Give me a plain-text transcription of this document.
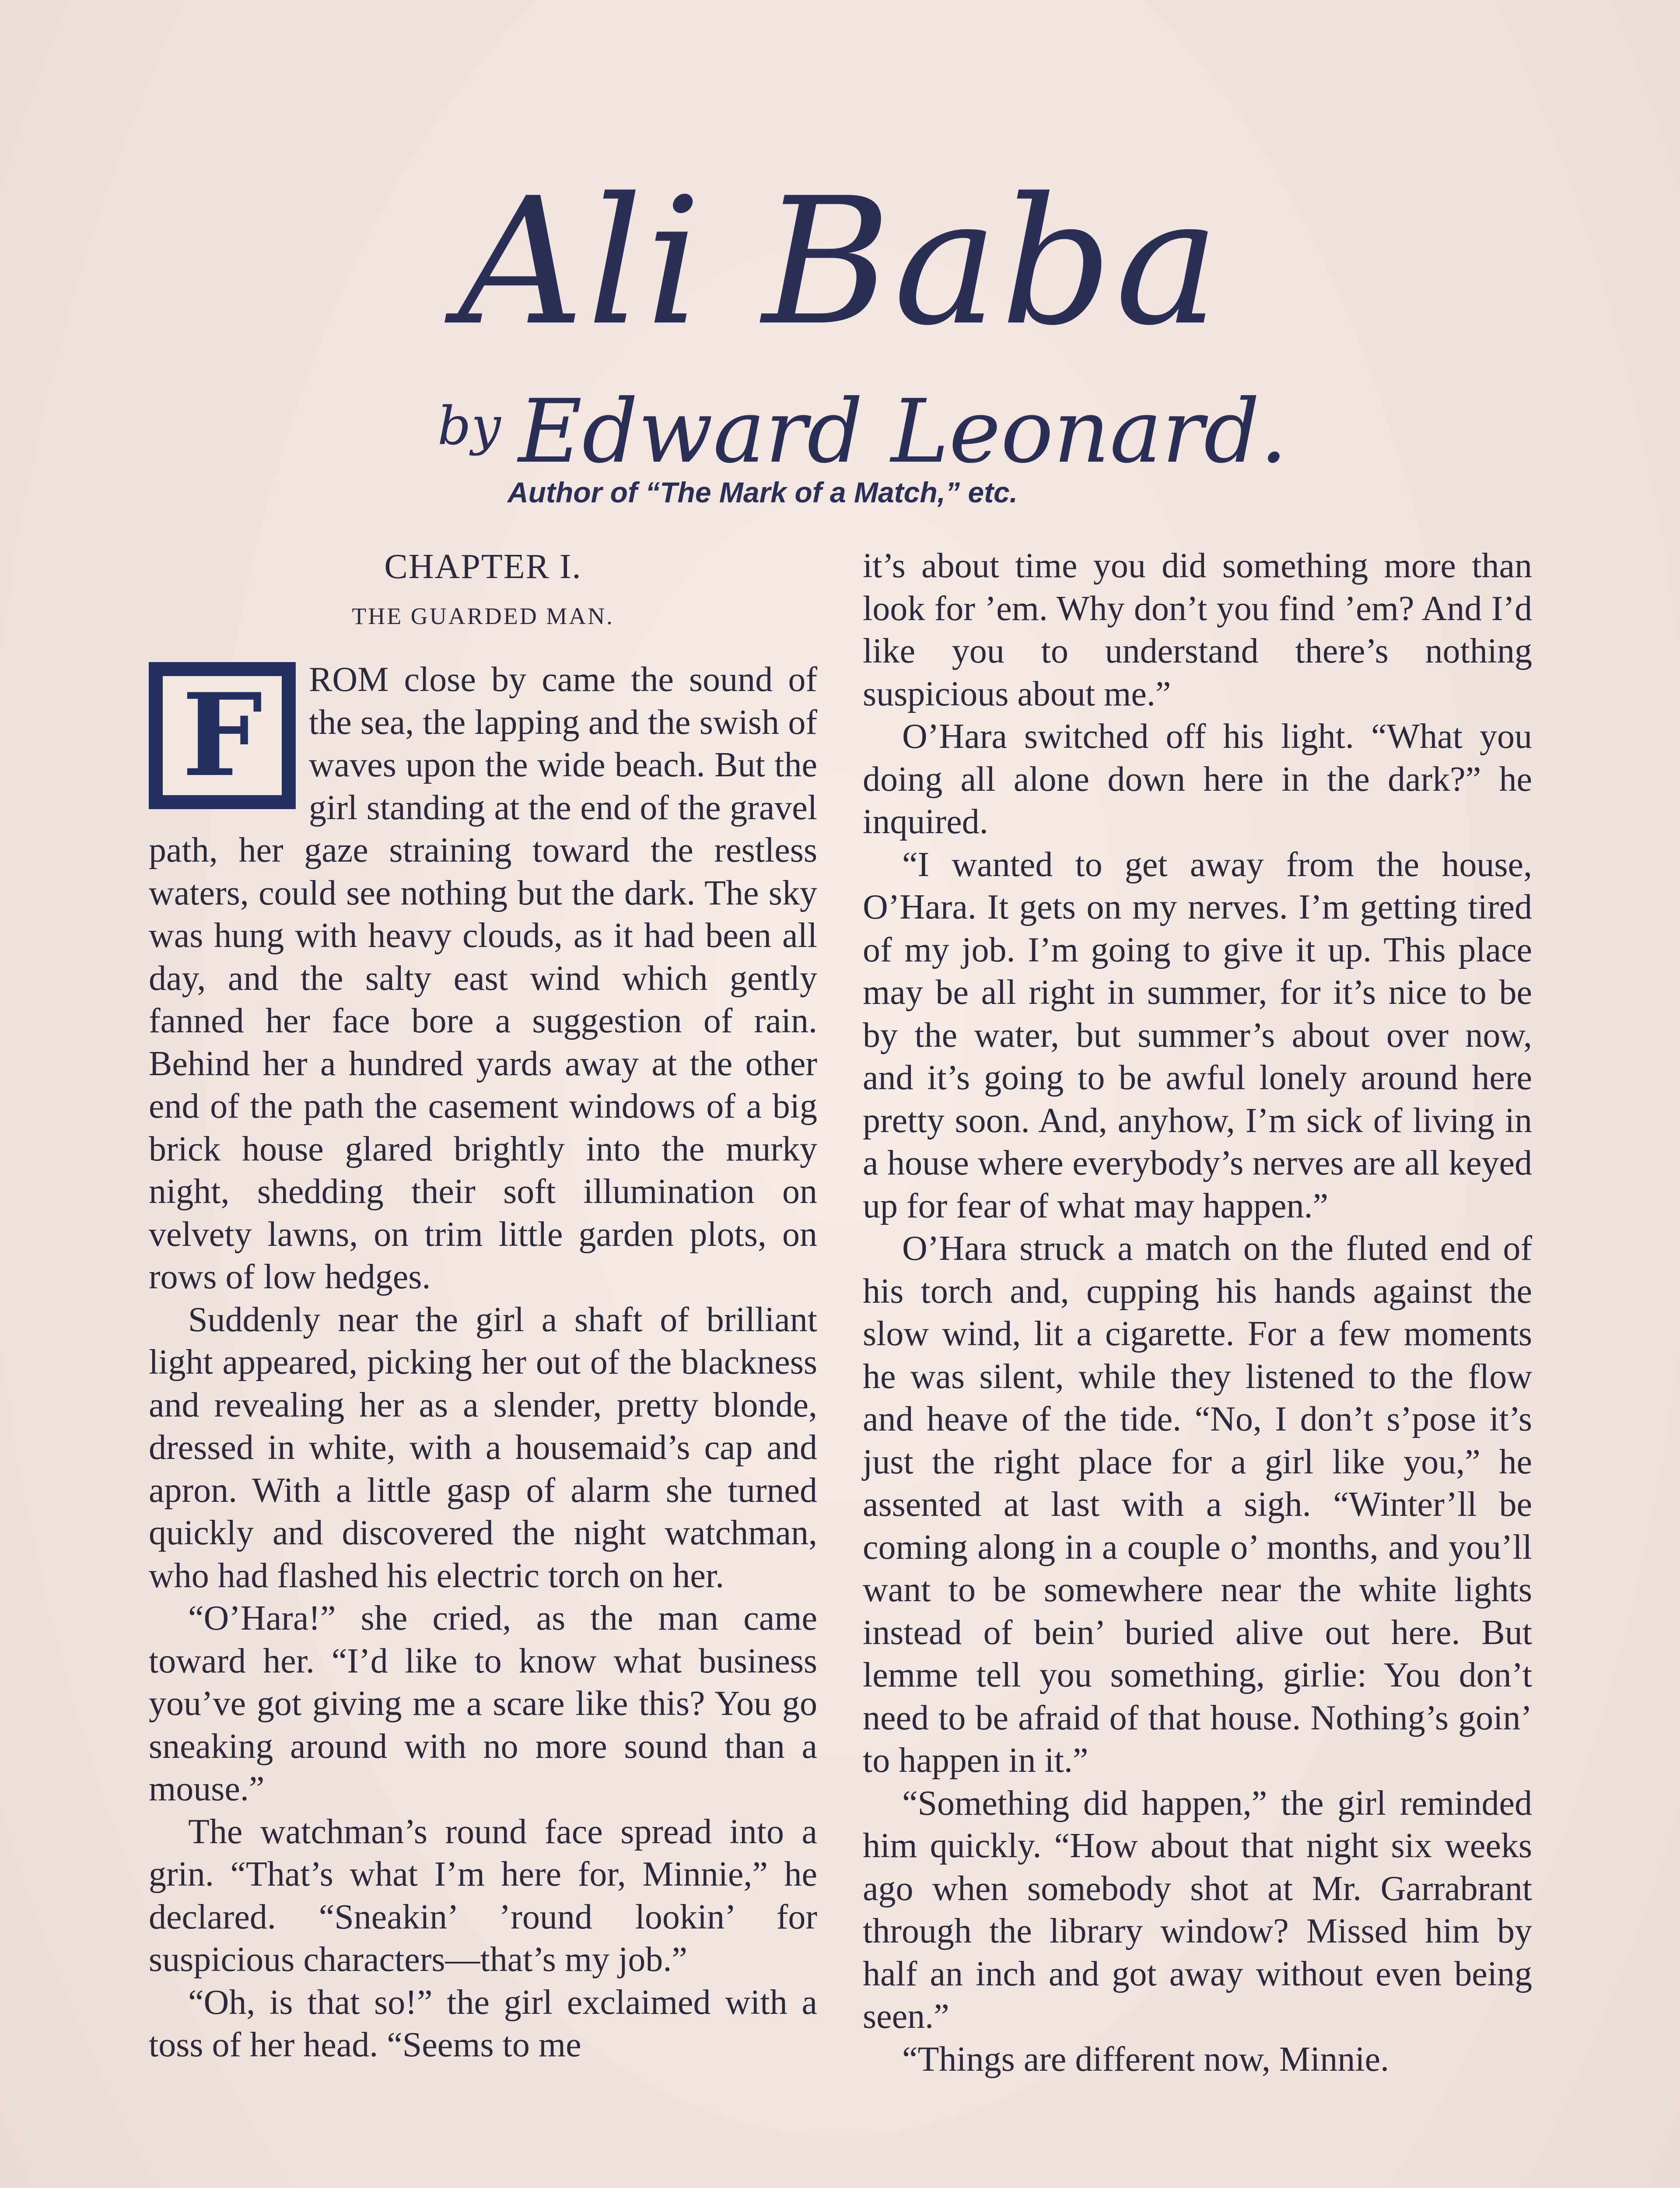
Ali Baba
$^{by}$ Edward Leonard.
Author of “The Mark of a Match,” etc.
CHAPTER I.
THE GUARDED MAN.
F	ROM close by came the sound of the sea, the lapping and the swish of waves upon the wide beach. But the girl standing at the end of the gravel path, her gaze straining toward the restless waters, could see nothing but the dark. The sky was hung with heavy clouds, as it had been all day, and the salty east wind which gently fanned her face bore a suggestion of rain. Behind her a hundred yards away at the other end of the path the casement windows of a big brick house glared brightly into the murky night, shedding their soft illumination on velvety lawns, on trim little garden plots, on rows of low hedges.

Suddenly near the girl a shaft of brilliant light appeared, picking her out of the blackness and revealing her as a slender, pretty blonde, dressed in white, with a housemaid’s cap and apron. With a little gasp of alarm she turned quickly and discovered the night watchman, who had flashed his electric torch on her.

“O’Hara!” she cried, as the man came toward her. “I’d like to know what business you’ve got giving me a scare like this? You go sneaking around with no more sound than a mouse.”

The watchman’s round face spread into a grin. “That’s what I’m here for, Minnie,” he declared. “Sneakin’ ’round lookin’ for suspicious characters—that’s my job.”

“Oh, is that so!” the girl exclaimed with a toss of her head. “Seems to me

it’s about time you did something more than look for ’em. Why don’t you find ’em? And I’d like you to understand there’s nothing suspicious about me.”

O’Hara switched off his light. “What you doing all alone down here in the dark?” he inquired.

“I wanted to get away from the house, O’Hara. It gets on my nerves. I’m getting tired of my job. I’m going to give it up. This place may be all right in summer, for it’s nice to be by the water, but summer’s about over now, and it’s going to be awful lonely around here pretty soon. And, anyhow, I’m sick of living in a house where everybody’s nerves are all keyed up for fear of what may happen.”

O’Hara struck a match on the fluted end of his torch and, cupping his hands against the slow wind, lit a cigarette. For a few moments he was silent, while they listened to the flow and heave of the tide. “No, I don’t s’pose it’s just the right place for a girl like you,” he assented at last with a sigh. “Winter’ll be coming along in a couple o’ months, and you’ll want to be somewhere near the white lights instead of bein’ buried alive out here. But lemme tell you something, girlie: You don’t need to be afraid of that house. Nothing’s goin’ to happen in it.”

“Something did happen,” the girl reminded him quickly. “How about that night six weeks ago when somebody shot at Mr. Garrabrant through the library window? Missed him by half an inch and got away without even being seen.”

“Things are different now, Minnie.
